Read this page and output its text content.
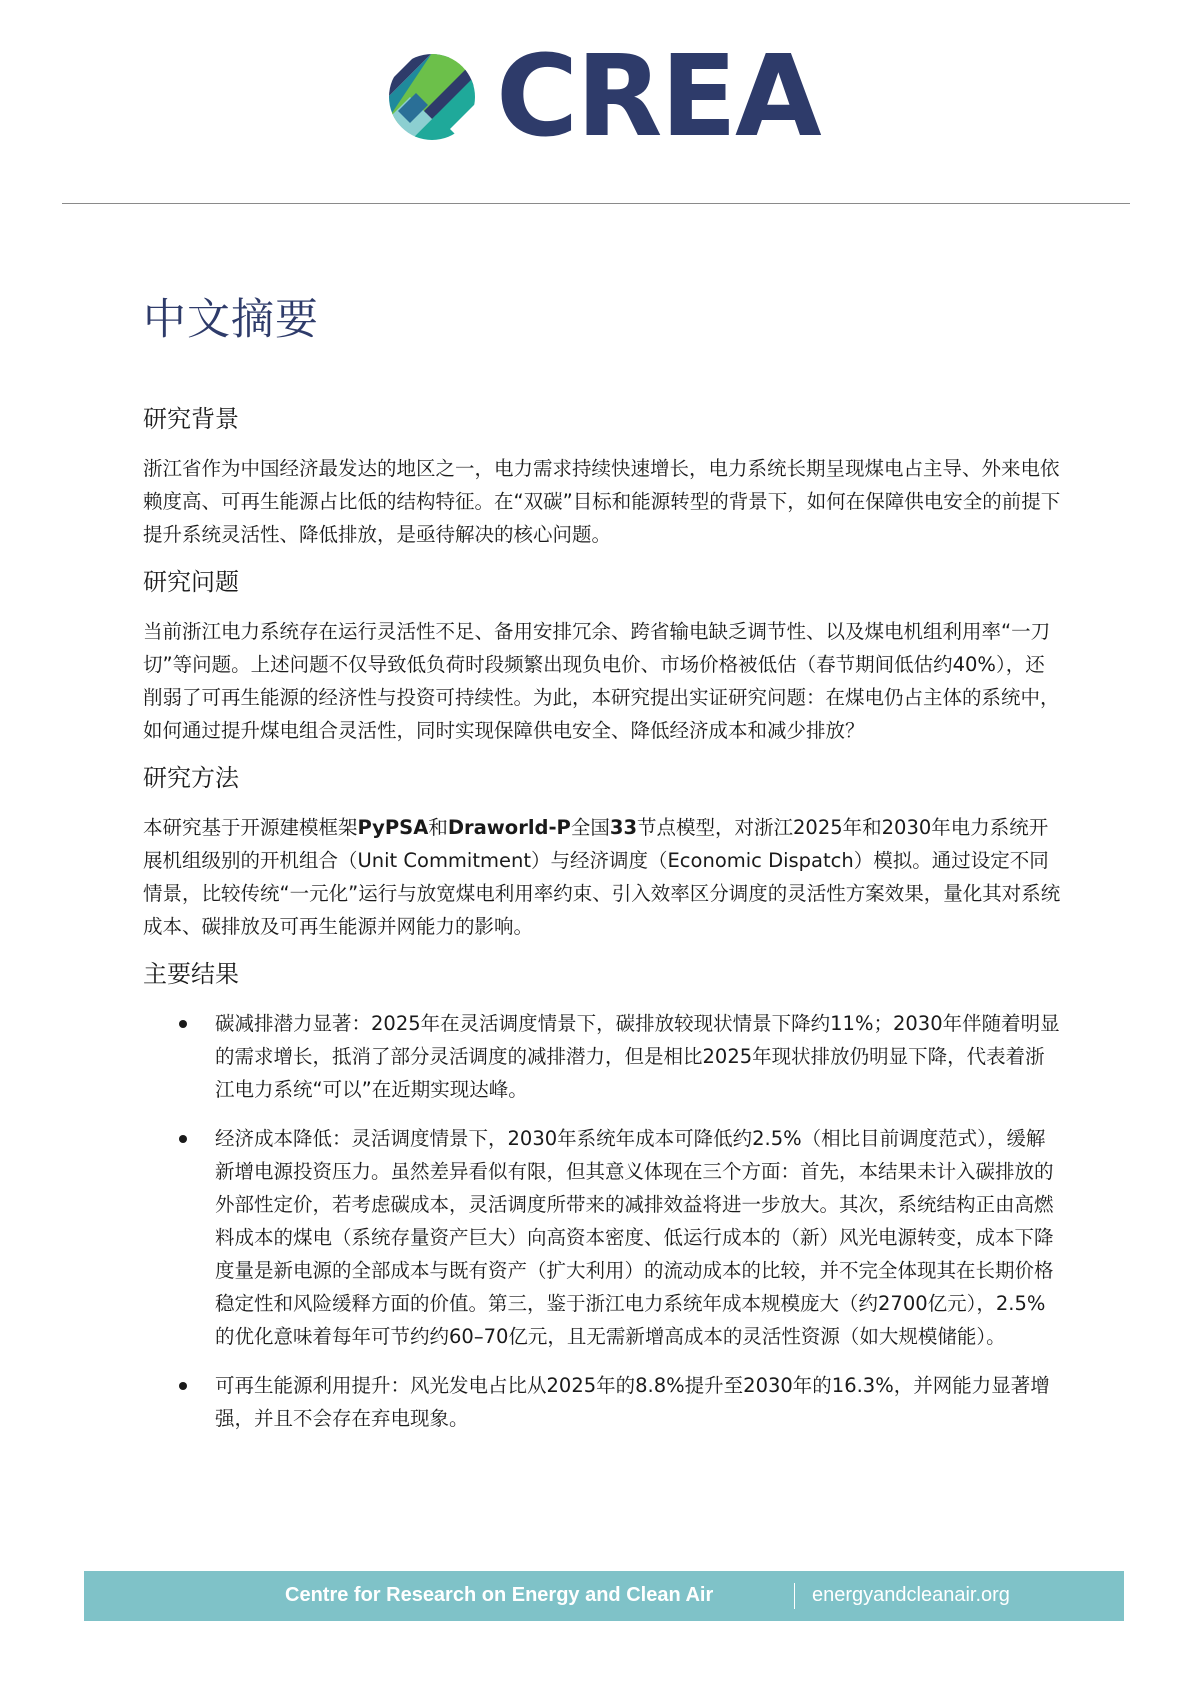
CREA
中文摘要
研究背景

浙江省作为中国经济最发达的地区之一，电力需求持续快速增长，电力系统长期呈现煤电占主导、外来电依赖度高、可再生能源占比低的结构特征。在“双碳”目标和能源转型的背景下，如何在保障供电安全的前提下提升系统灵活性、降低排放，是亟待解决的核心问题。

研究问题

当前浙江电力系统存在运行灵活性不足、备用安排冗余、跨省输电缺乏调节性、以及煤电机组利用率“一刀切”等问题。上述问题不仅导致低负荷时段频繁出现负电价、市场价格被低估（春节期间低估约40%），还削弱了可再生能源的经济性与投资可持续性。为此，本研究提出实证研究问题：在煤电仍占主体的系统中，如何通过提升煤电组合灵活性，同时实现保障供电安全、降低经济成本和减少排放？

研究方法

本研究基于开源建模框架PyPSA和Draworld-P全国33节点模型，对浙江2025年和2030年电力系统开展机组级别的开机组合（Unit Commitment）与经济调度（Economic Dispatch）模拟。通过设定不同情景，比较传统“一元化”运行与放宽煤电利用率约束、引入效率区分调度的灵活性方案效果，量化其对系统成本、碳排放及可再生能源并网能力的影响。

主要结果
碳减排潜力显著：2025年在灵活调度情景下，碳排放较现状情景下降约11%；2030年伴随着明显的需求增长，抵消了部分灵活调度的减排潜力，但是相比2025年现状排放仍明显下降，代表着浙江电力系统“可以”在近期实现达峰。
经济成本降低：灵活调度情景下，2030年系统年成本可降低约2.5%（相比目前调度范式），缓解新增电源投资压力。虽然差异看似有限，但其意义体现在三个方面：首先，本结果未计入碳排放的外部性定价，若考虑碳成本，灵活调度所带来的减排效益将进一步放大。其次，系统结构正由高燃料成本的煤电（系统存量资产巨大）向高资本密度、低运行成本的（新）风光电源转变，成本下降度量是新电源的全部成本与既有资产（扩大利用）的流动成本的比较，并不完全体现其在长期价格稳定性和风险缓释方面的价值。第三，鉴于浙江电力系统年成本规模庞大（约2700亿元），2.5%的优化意味着每年可节约约60–70亿元，且无需新增高成本的灵活性资源（如大规模储能）。
可再生能源利用提升：风光发电占比从2025年的8.8%提升至2030年的16.3%，并网能力显著增强，并且不会存在弃电现象。
Centre for Research on Energy and Clean Air	energyandcleanair.org	3
